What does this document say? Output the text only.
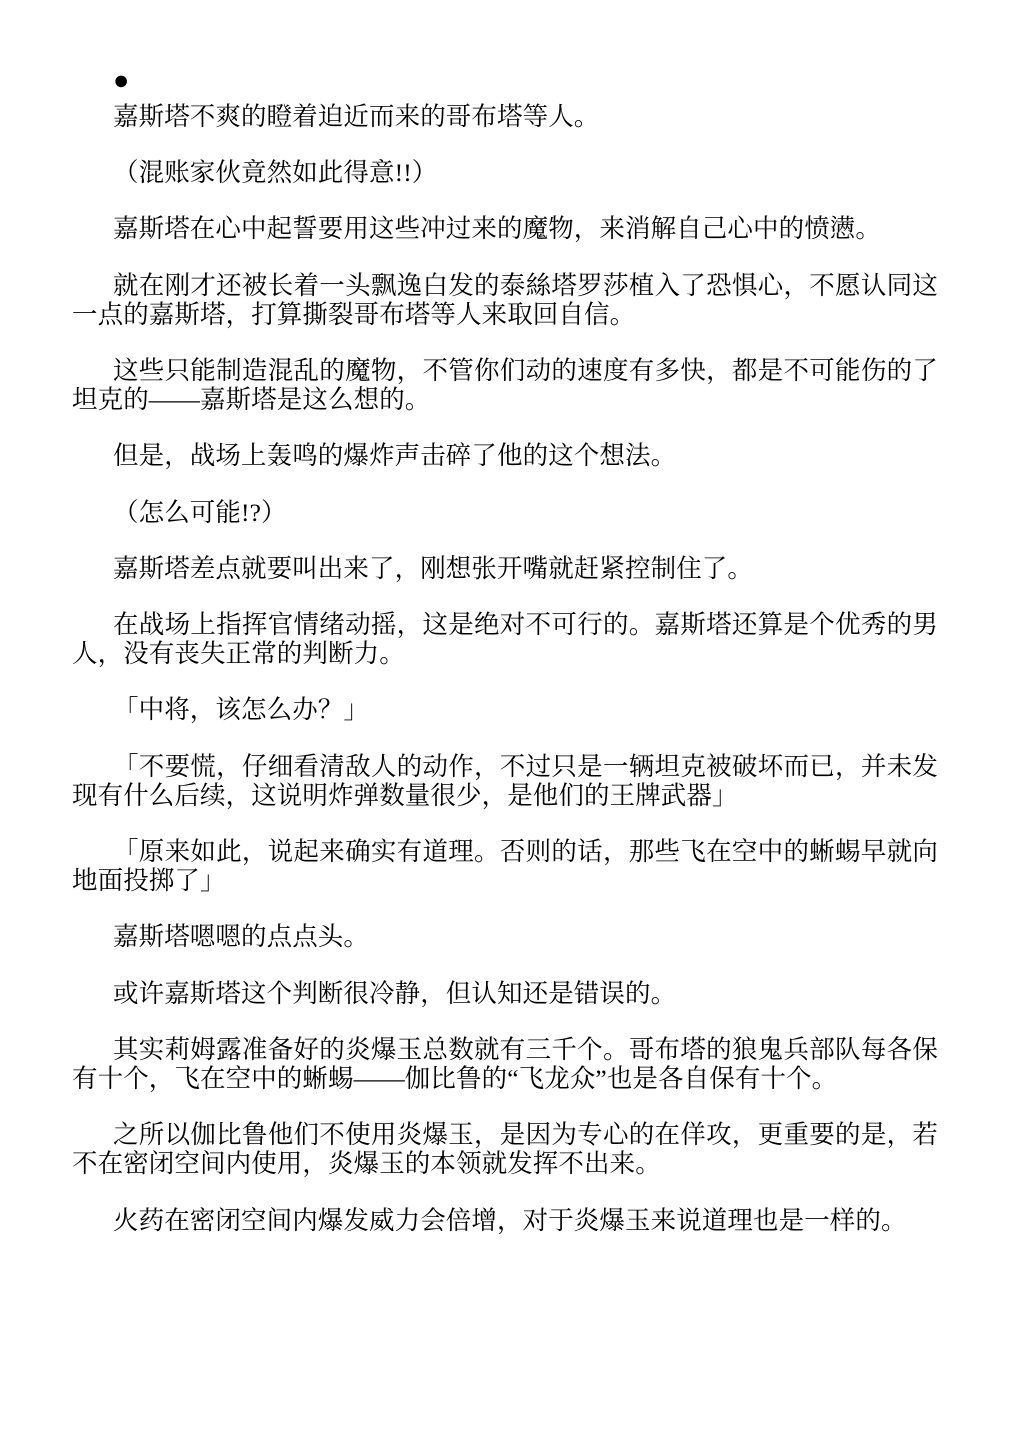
●

嘉斯塔不爽的瞪着迫近而来的哥布塔等人。

（混账家伙竟然如此得意!!）

嘉斯塔在心中起誓要用这些冲过来的魔物，来消解自己心中的愤懑。

就在刚才还被长着一头飘逸白发的泰絲塔罗莎植入了恐惧心，不愿认同这一点的嘉斯塔，打算撕裂哥布塔等人来取回自信。

这些只能制造混乱的魔物，不管你们动的速度有多快，都是不可能伤的了坦克的——嘉斯塔是这么想的。

但是，战场上轰鸣的爆炸声击碎了他的这个想法。

（怎么可能!?）

嘉斯塔差点就要叫出来了，刚想张开嘴就赶紧控制住了。

在战场上指挥官情绪动摇，这是绝对不可行的。嘉斯塔还算是个优秀的男人，没有丧失正常的判断力。

「中将，该怎么办？」

「不要慌，仔细看清敌人的动作，不过只是一辆坦克被破坏而已，并未发现有什么后续，这说明炸弹数量很少，是他们的王牌武器」

「原来如此，说起来确实有道理。否则的话，那些飞在空中的蜥蜴早就向地面投掷了」

嘉斯塔嗯嗯的点点头。

或许嘉斯塔这个判断很冷静，但认知还是错误的。

其实莉姆露准备好的炎爆玉总数就有三千个。哥布塔的狼鬼兵部队每各保有十个，飞在空中的蜥蜴——伽比鲁的“飞龙众”也是各自保有十个。

之所以伽比鲁他们不使用炎爆玉，是因为专心的在佯攻，更重要的是，若不在密闭空间内使用，炎爆玉的本领就发挥不出来。

火药在密闭空间内爆发威力会倍增，对于炎爆玉来说道理也是一样的。
